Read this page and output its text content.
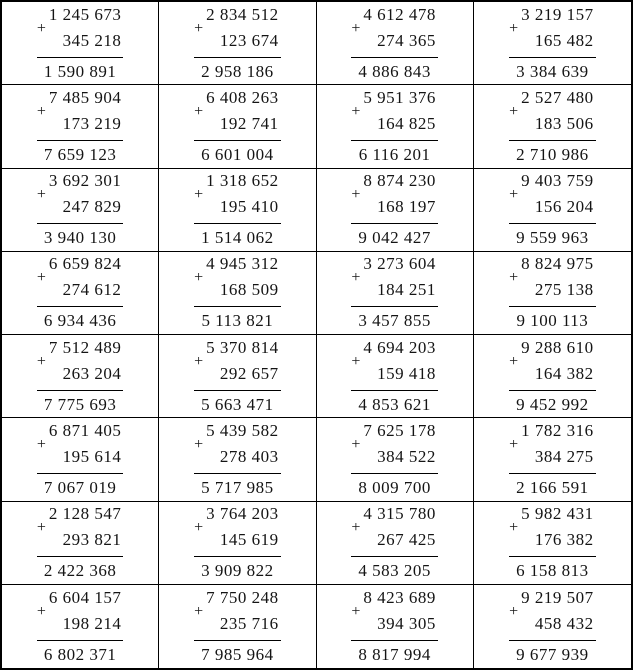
+
1 245 673
345 218
1 590 891
+
2 834 512
123 674
2 958 186
+
4 612 478
274 365
4 886 843
+
3 219 157
165 482
3 384 639
+
7 485 904
173 219
7 659 123
+
6 408 263
192 741
6 601 004
+
5 951 376
164 825
6 116 201
+
2 527 480
183 506
2 710 986
+
3 692 301
247 829
3 940 130
+
1 318 652
195 410
1 514 062
+
8 874 230
168 197
9 042 427
+
9 403 759
156 204
9 559 963
+
6 659 824
274 612
6 934 436
+
4 945 312
168 509
5 113 821
+
3 273 604
184 251
3 457 855
+
8 824 975
275 138
9 100 113
+
7 512 489
263 204
7 775 693
+
5 370 814
292 657
5 663 471
+
4 694 203
159 418
4 853 621
+
9 288 610
164 382
9 452 992
+
6 871 405
195 614
7 067 019
+
5 439 582
278 403
5 717 985
+
7 625 178
384 522
8 009 700
+
1 782 316
384 275
2 166 591
+
2 128 547
293 821
2 422 368
+
3 764 203
145 619
3 909 822
+
4 315 780
267 425
4 583 205
+
5 982 431
176 382
6 158 813
+
6 604 157
198 214
6 802 371
+
7 750 248
235 716
7 985 964
+
8 423 689
394 305
8 817 994
+
9 219 507
458 432
9 677 939
